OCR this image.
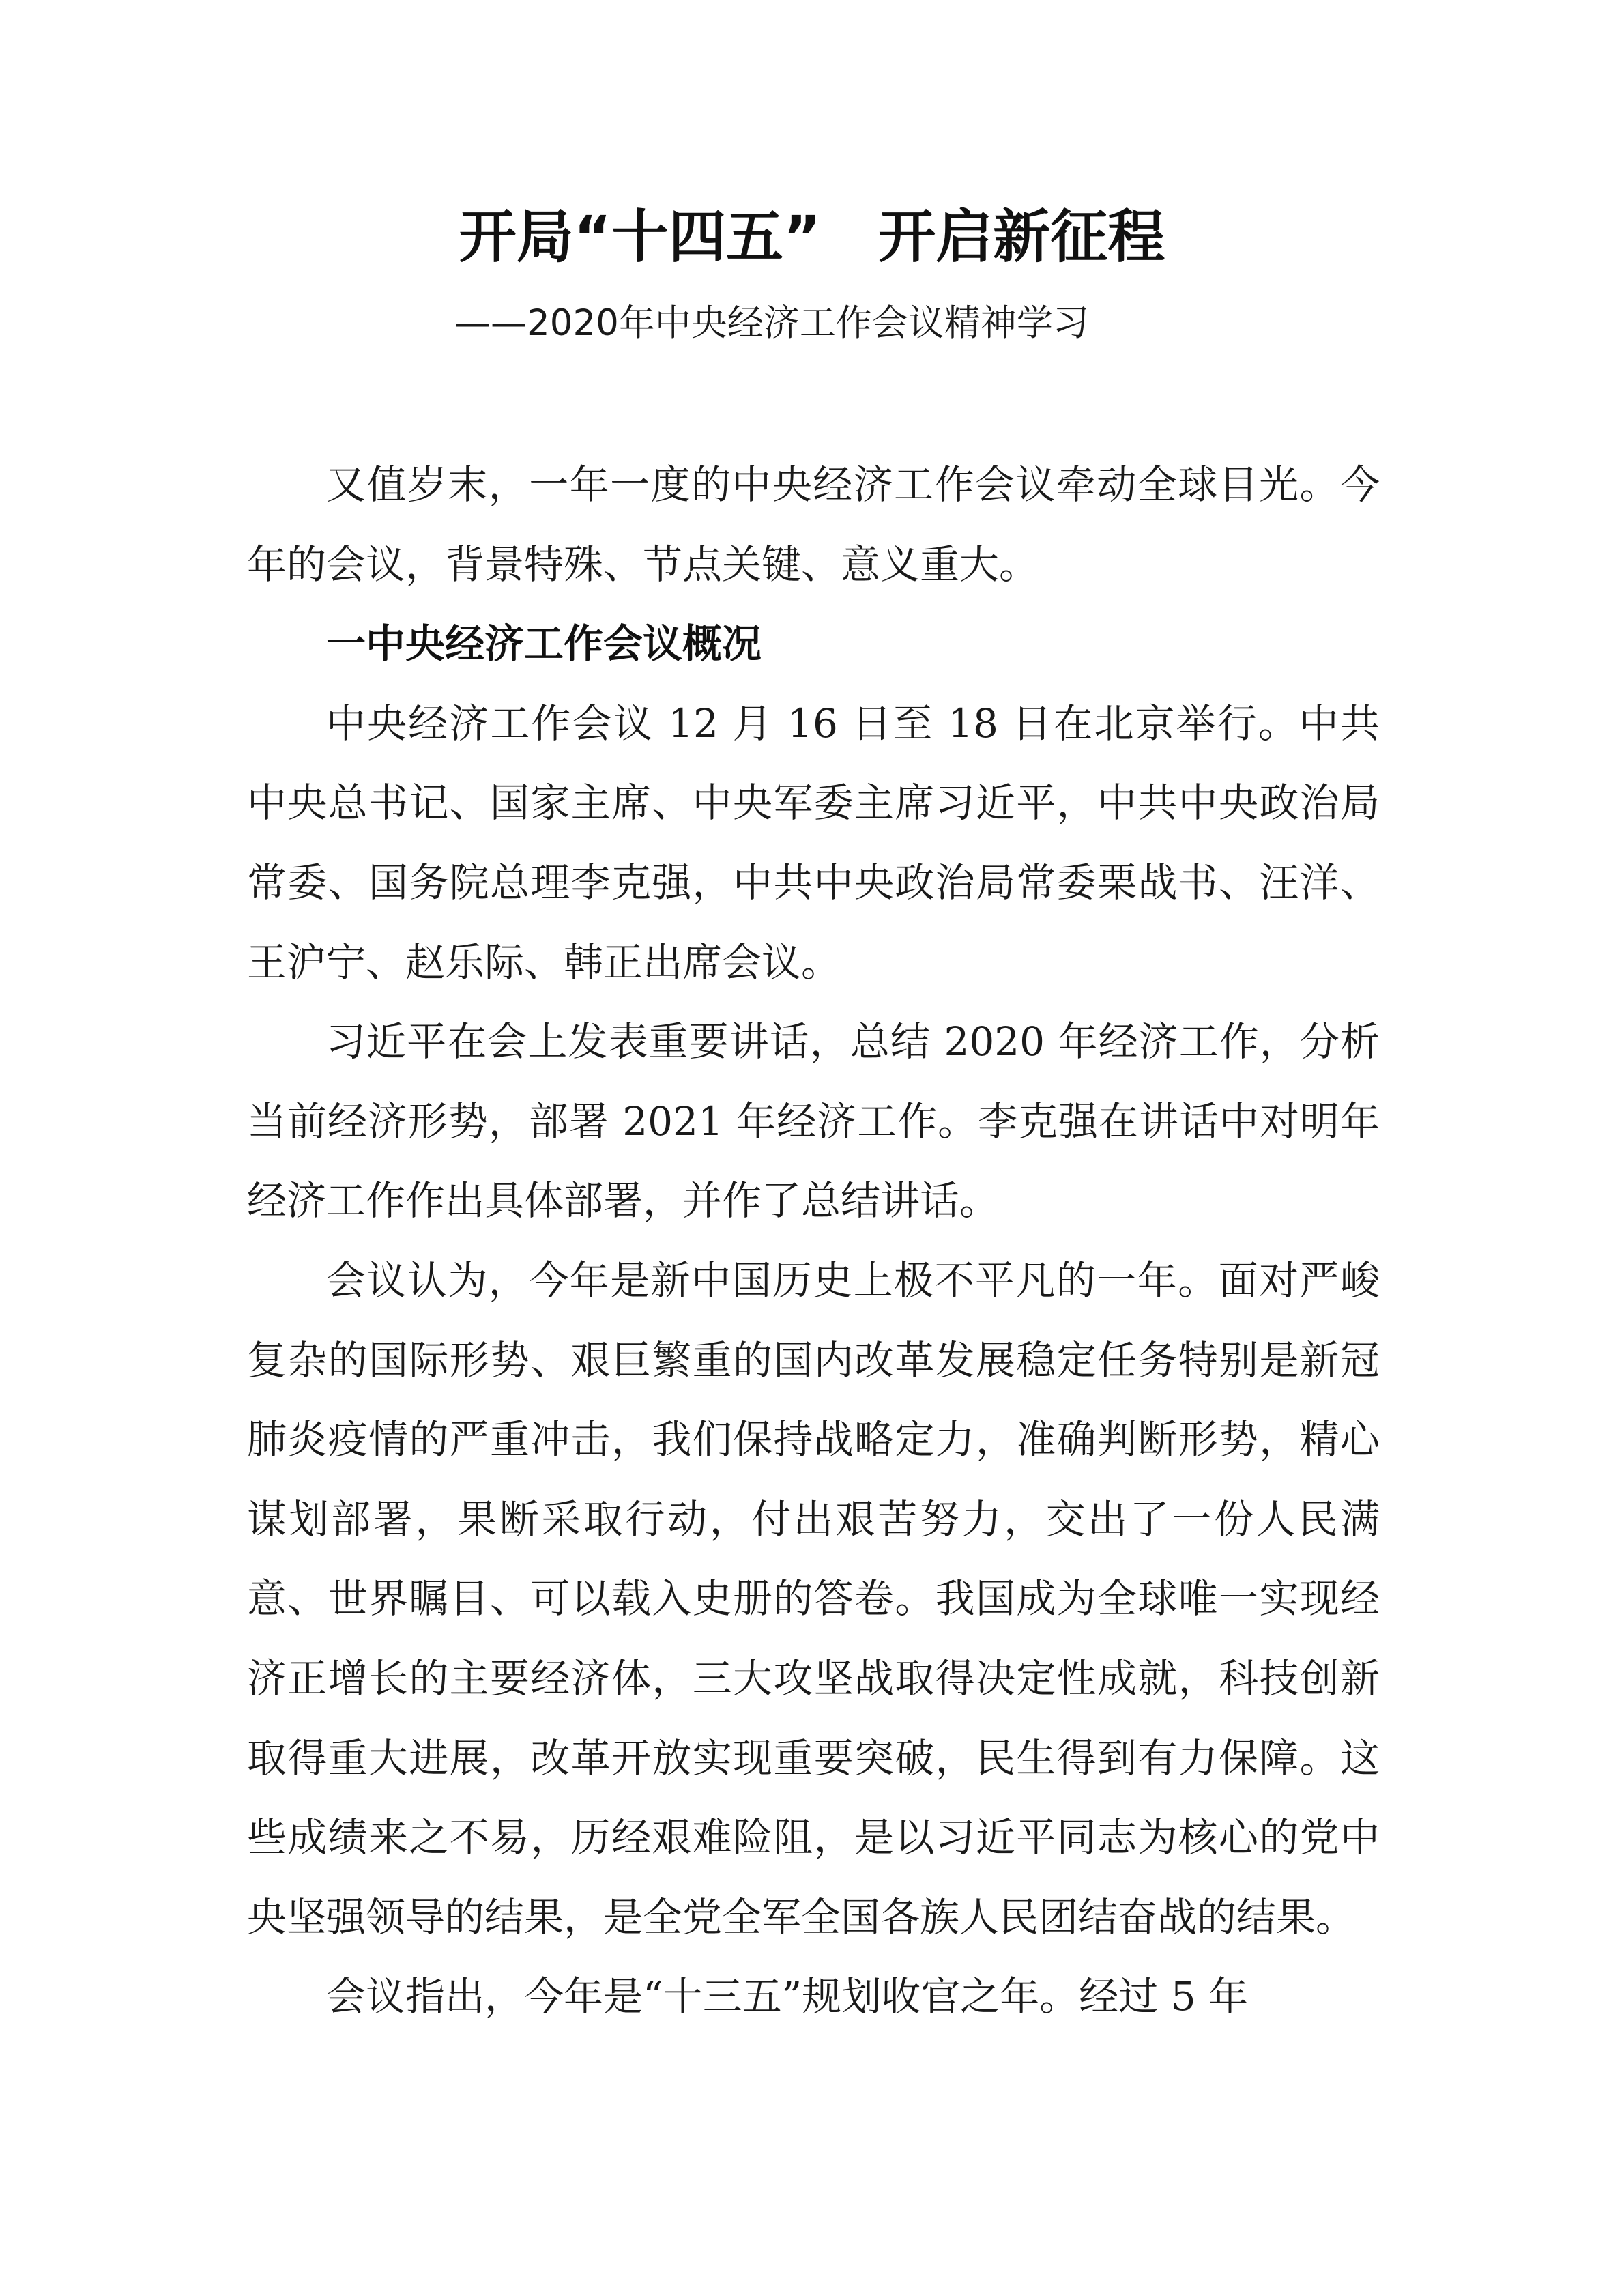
开局“十四五”　开启新征程
——2020年中央经济工作会议精神学习

又值岁末，一年一度的中央经济工作会议牵动全球目光。今年的会议，背景特殊、节点关键、意义重大。

一中央经济工作会议概况

中央经济工作会议 12 月 16 日至 18 日在北京举行。中共中央总书记、国家主席、中央军委主席习近平，中共中央政治局常委、国务院总理李克强，中共中央政治局常委栗战书、汪洋、王沪宁、赵乐际、韩正出席会议。

习近平在会上发表重要讲话，总结 2020 年经济工作，分析当前经济形势，部署 2021 年经济工作。李克强在讲话中对明年经济工作作出具体部署，并作了总结讲话。

会议认为，今年是新中国历史上极不平凡的一年。面对严峻复杂的国际形势、艰巨繁重的国内改革发展稳定任务特别是新冠肺炎疫情的严重冲击，我们保持战略定力，准确判断形势，精心谋划部署，果断采取行动，付出艰苦努力，交出了一份人民满意、世界瞩目、可以载入史册的答卷。我国成为全球唯一实现经济正增长的主要经济体，三大攻坚战取得决定性成就，科技创新取得重大进展，改革开放实现重要突破，民生得到有力保障。这些成绩来之不易，历经艰难险阻，是以习近平同志为核心的党中央坚强领导的结果，是全党全军全国各族人民团结奋战的结果。

会议指出，今年是“十三五”规划收官之年。经过 5 年
